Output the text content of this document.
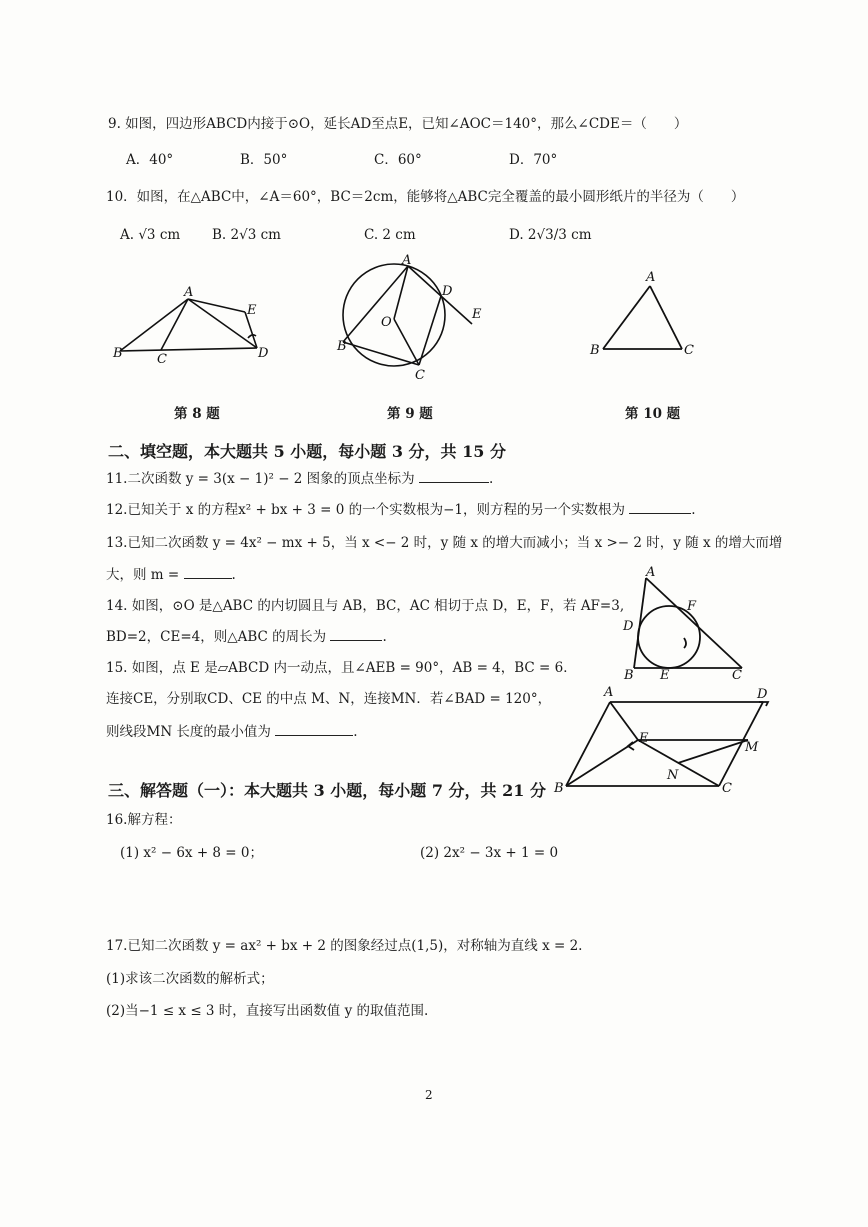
9. 如图，四边形ABCD内接于⊙O，延长AD至点E，已知∠AOC＝140°，那么∠CDE＝（　　）
A．40°	B．50°	C．60°	D．70°
10．如图，在△ABC中，∠A＝60°，BC＝2cm，能够将△ABC完全覆盖的最小圆形纸片的半径为（　　）
A. √3 cm B. 2√3 cm	C. 2 cm	D. 2√3/3 cm
A
E
B	C	D
第 8 题
A
D
E
O
B
C
第 9 题
A
B	C
第 10 题
二、填空题，本大题共 5 小题，每小题 3 分，共 15 分
11.二次函数 y = 3(x − 1)² − 2 图象的顶点坐标为	.
12.已知关于 x 的方程x² + bx + 3 = 0 的一个实数根为−1，则方程的另一个实数根为	.
13.已知二次函数 y = 4x² − mx + 5，当 x <− 2 时，y 随 x 的增大而减小；当 x >− 2 时，y 随 x 的增大而增
大，则 m =	.
14. 如图，⊙O 是△ABC 的内切圆且与 AB，BC，AC 相切于点 D，E，F，若 AF=3,
BD=2，CE=4，则△ABC 的周长为	.
A
F
D
B E	C
15. 如图，点 E 是▱ABCD 内一动点，且∠AEB = 90°，AB = 4，BC = 6．
连接CE，分别取CD、CE 的中点 M、N，连接MN．若∠BAD = 120°，
则线段MN 长度的最小值为	.
A	D
E
M
N
B	C
三、解答题（一）：本大题共 3 小题，每小题 7 分，共 21 分
16.解方程：
(1) x² − 6x + 8 = 0；	(2) 2x² − 3x + 1 = 0
17.已知二次函数 y = ax² + bx + 2 的图象经过点(1,5)，对称轴为直线 x = 2.
(1)求该二次函数的解析式；
(2)当−1 ≤ x ≤ 3 时，直接写出函数值 y 的取值范围.
2
